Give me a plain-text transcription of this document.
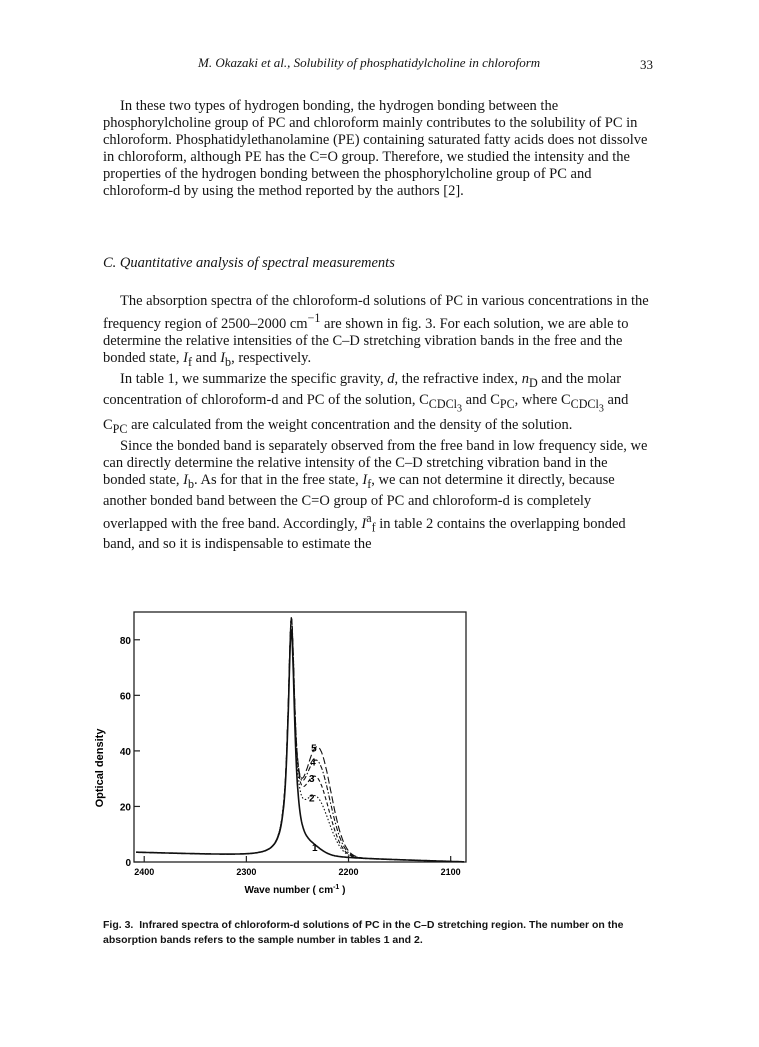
M. Okazaki et al., Solubility of phosphatidylcholine in chloroform	33

In these two types of hydrogen bonding, the hydrogen bonding between the phosphorylcholine group of PC and chloroform mainly contributes to the solubility of PC in chloroform. Phosphatidylethanolamine (PE) containing saturated fatty acids does not dissolve in chloroform, although PE has the C=O group. Therefore, we studied the intensity and the properties of the hydrogen bonding between the phosphorylcholine group of PC and chloroform-d by using the method reported by the authors [2].

C. Quantitative analysis of spectral measurements

The absorption spectra of the chloroform-d solutions of PC in various concentrations in the frequency region of 2500–2000 $cm^{-1}$ are shown in fig. 3. For each solution, we are able to determine the relative intensities of the C–D stretching vibration bands in the free and the bonded state, $I_f$ and $I_b$, respectively.

In table 1, we summarize the specific gravity, d, the refractive index, $n_D$ and the molar concentration of chloroform-d and PC of the solution, $C_{CDCl_3}$ and $C_{PC}$, where $C_{CDCl_3}$ and $C_{PC}$ are calculated from the weight concentration and the density of the solution.

Since the bonded band is separately observed from the free band in low frequency side, we can directly determine the relative intensity of the C–D stretching vibration band in the bonded state, $I_b$. As for that in the free state, $I_f$, we can not determine it directly, because another bonded band between the C=O group of PC and chloroform-d is completely overlapped with the free band. Accordingly, $I^a_f$ in table 2 contains the overlapping bonded band, and so it is indispensable to estimate the

Optical density
Wave number ( $cm^{-1}$ )
0
20
40
60
80
2400	2300	2200	2100
1
2
3
4
5
Fig. 3. Infrared spectra of chloroform-d solutions of PC in the C–D stretching region. The number on the absorption bands refers to the sample number in tables 1 and 2.
